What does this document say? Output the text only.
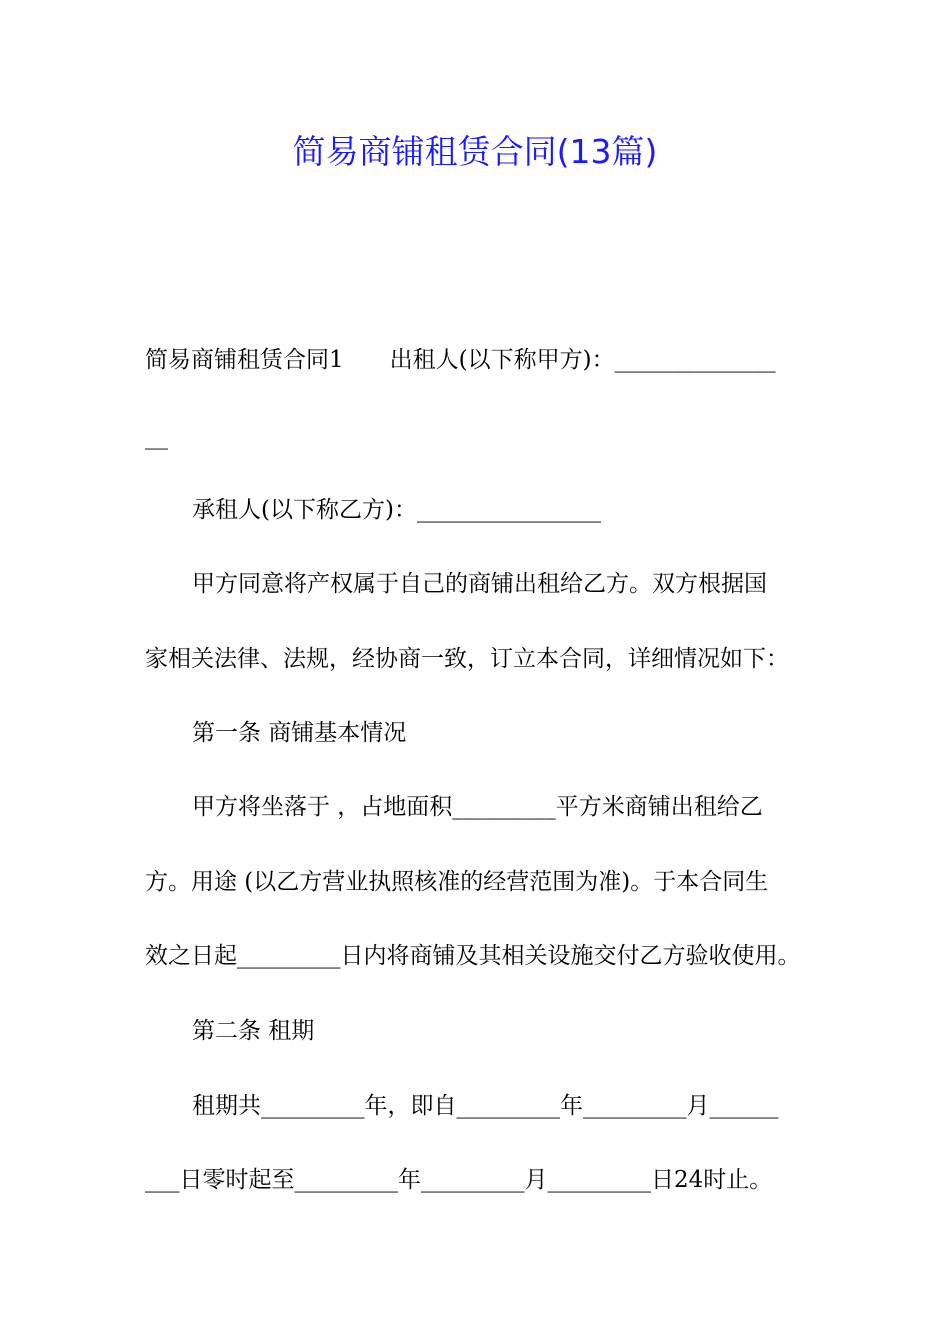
简易商铺租赁合同(13篇)
简易商铺租赁合同1　　出租人(以下称甲方)：______________
__
承租人(以下称乙方)：________________
甲方同意将产权属于自己的商铺出租给乙方。双方根据国
家相关法律、法规，经协商一致，订立本合同，详细情况如下：
第一条 商铺基本情况
甲方将坐落于 ，占地面积_________平方米商铺出租给乙
方。用途 (以乙方营业执照核准的经营范围为准)。于本合同生
效之日起_________日内将商铺及其相关设施交付乙方验收使用。
第二条 租期
租期共_________年，即自_________年_________月______
___日零时起至_________年_________月_________日24时止。
